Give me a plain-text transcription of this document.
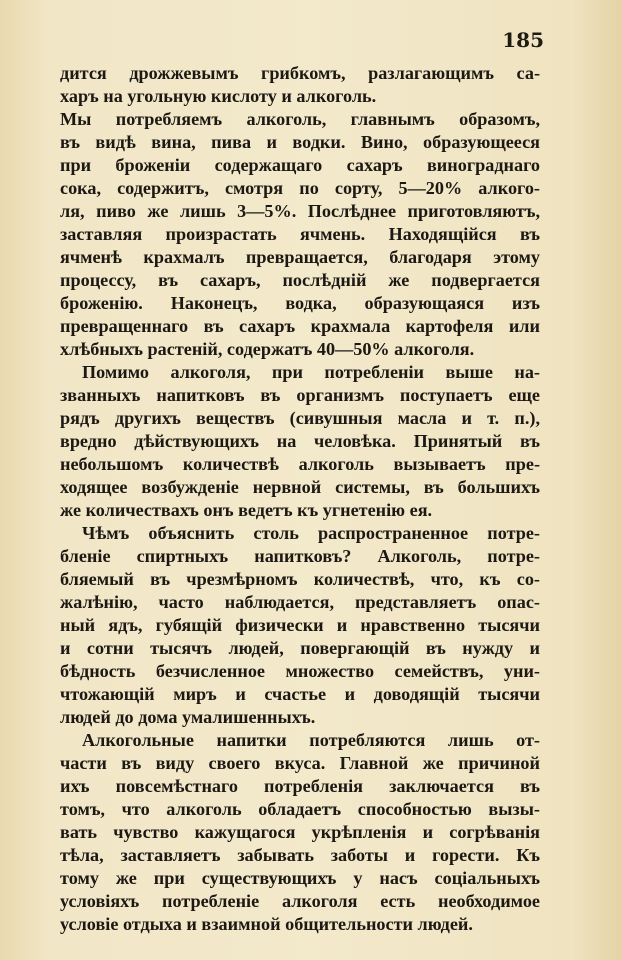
185
дится дрожжевымъ грибкомъ, разлагающимъ са-
харъ на угольную кислоту и алкоголь.
Мы потребляемъ алкоголь, главнымъ образомъ,
въ видѣ вина, пива и водки. Вино, образующееся
при броженіи содержащаго сахаръ винограднаго
сока, содержитъ, смотря по сорту, 5—20% алкого-
ля, пиво же лишь 3—5%. Послѣднее приготовляютъ,
заставляя произрастать ячмень. Находящійся въ
ячменѣ крахмалъ превращается, благодаря этому
процессу, въ сахаръ, послѣдній же подвергается
броженію. Наконецъ, водка, образующаяся изъ
превращеннаго въ сахаръ крахмала картофеля или
хлѣбныхъ растеній, содержатъ 40—50% алкоголя.
Помимо алкоголя, при потребленіи выше на-
званныхъ напитковъ въ организмъ поступаетъ еще
рядъ другихъ веществъ (сивушныя масла и т. п.),
вредно дѣйствующихъ на человѣка. Принятый въ
небольшомъ количествѣ алкоголь вызываетъ пре-
ходящее возбужденіе нервной системы, въ большихъ
же количествахъ онъ ведетъ къ угнетенію ея.
Чѣмъ объяснить столь распространенное потре-
бленіе спиртныхъ напитковъ? Алкоголь, потре-
бляемый въ чрезмѣрномъ количествѣ, что, къ со-
жалѣнію, часто наблюдается, представляетъ опас-
ный ядъ, губящій физически и нравственно тысячи
и сотни тысячъ людей, повергающій въ нужду и
бѣдность безчисленное множество семействъ, уни-
чтожающій миръ и счастье и доводящій тысячи
людей до дома умалишенныхъ.
Алкогольные напитки потребляются лишь от-
части въ виду своего вкуса. Главной же причиной
ихъ повсемѣстнаго потребленія заключается въ
томъ, что алкоголь обладаетъ способностью вызы-
вать чувство кажущагося укрѣпленія и согрѣванія
тѣла, заставляетъ забывать заботы и горести. Къ
тому же при существующихъ у насъ соціальныхъ
условіяхъ потребленіе алкоголя есть необходимое
условіе отдыха и взаимной общительности людей.
